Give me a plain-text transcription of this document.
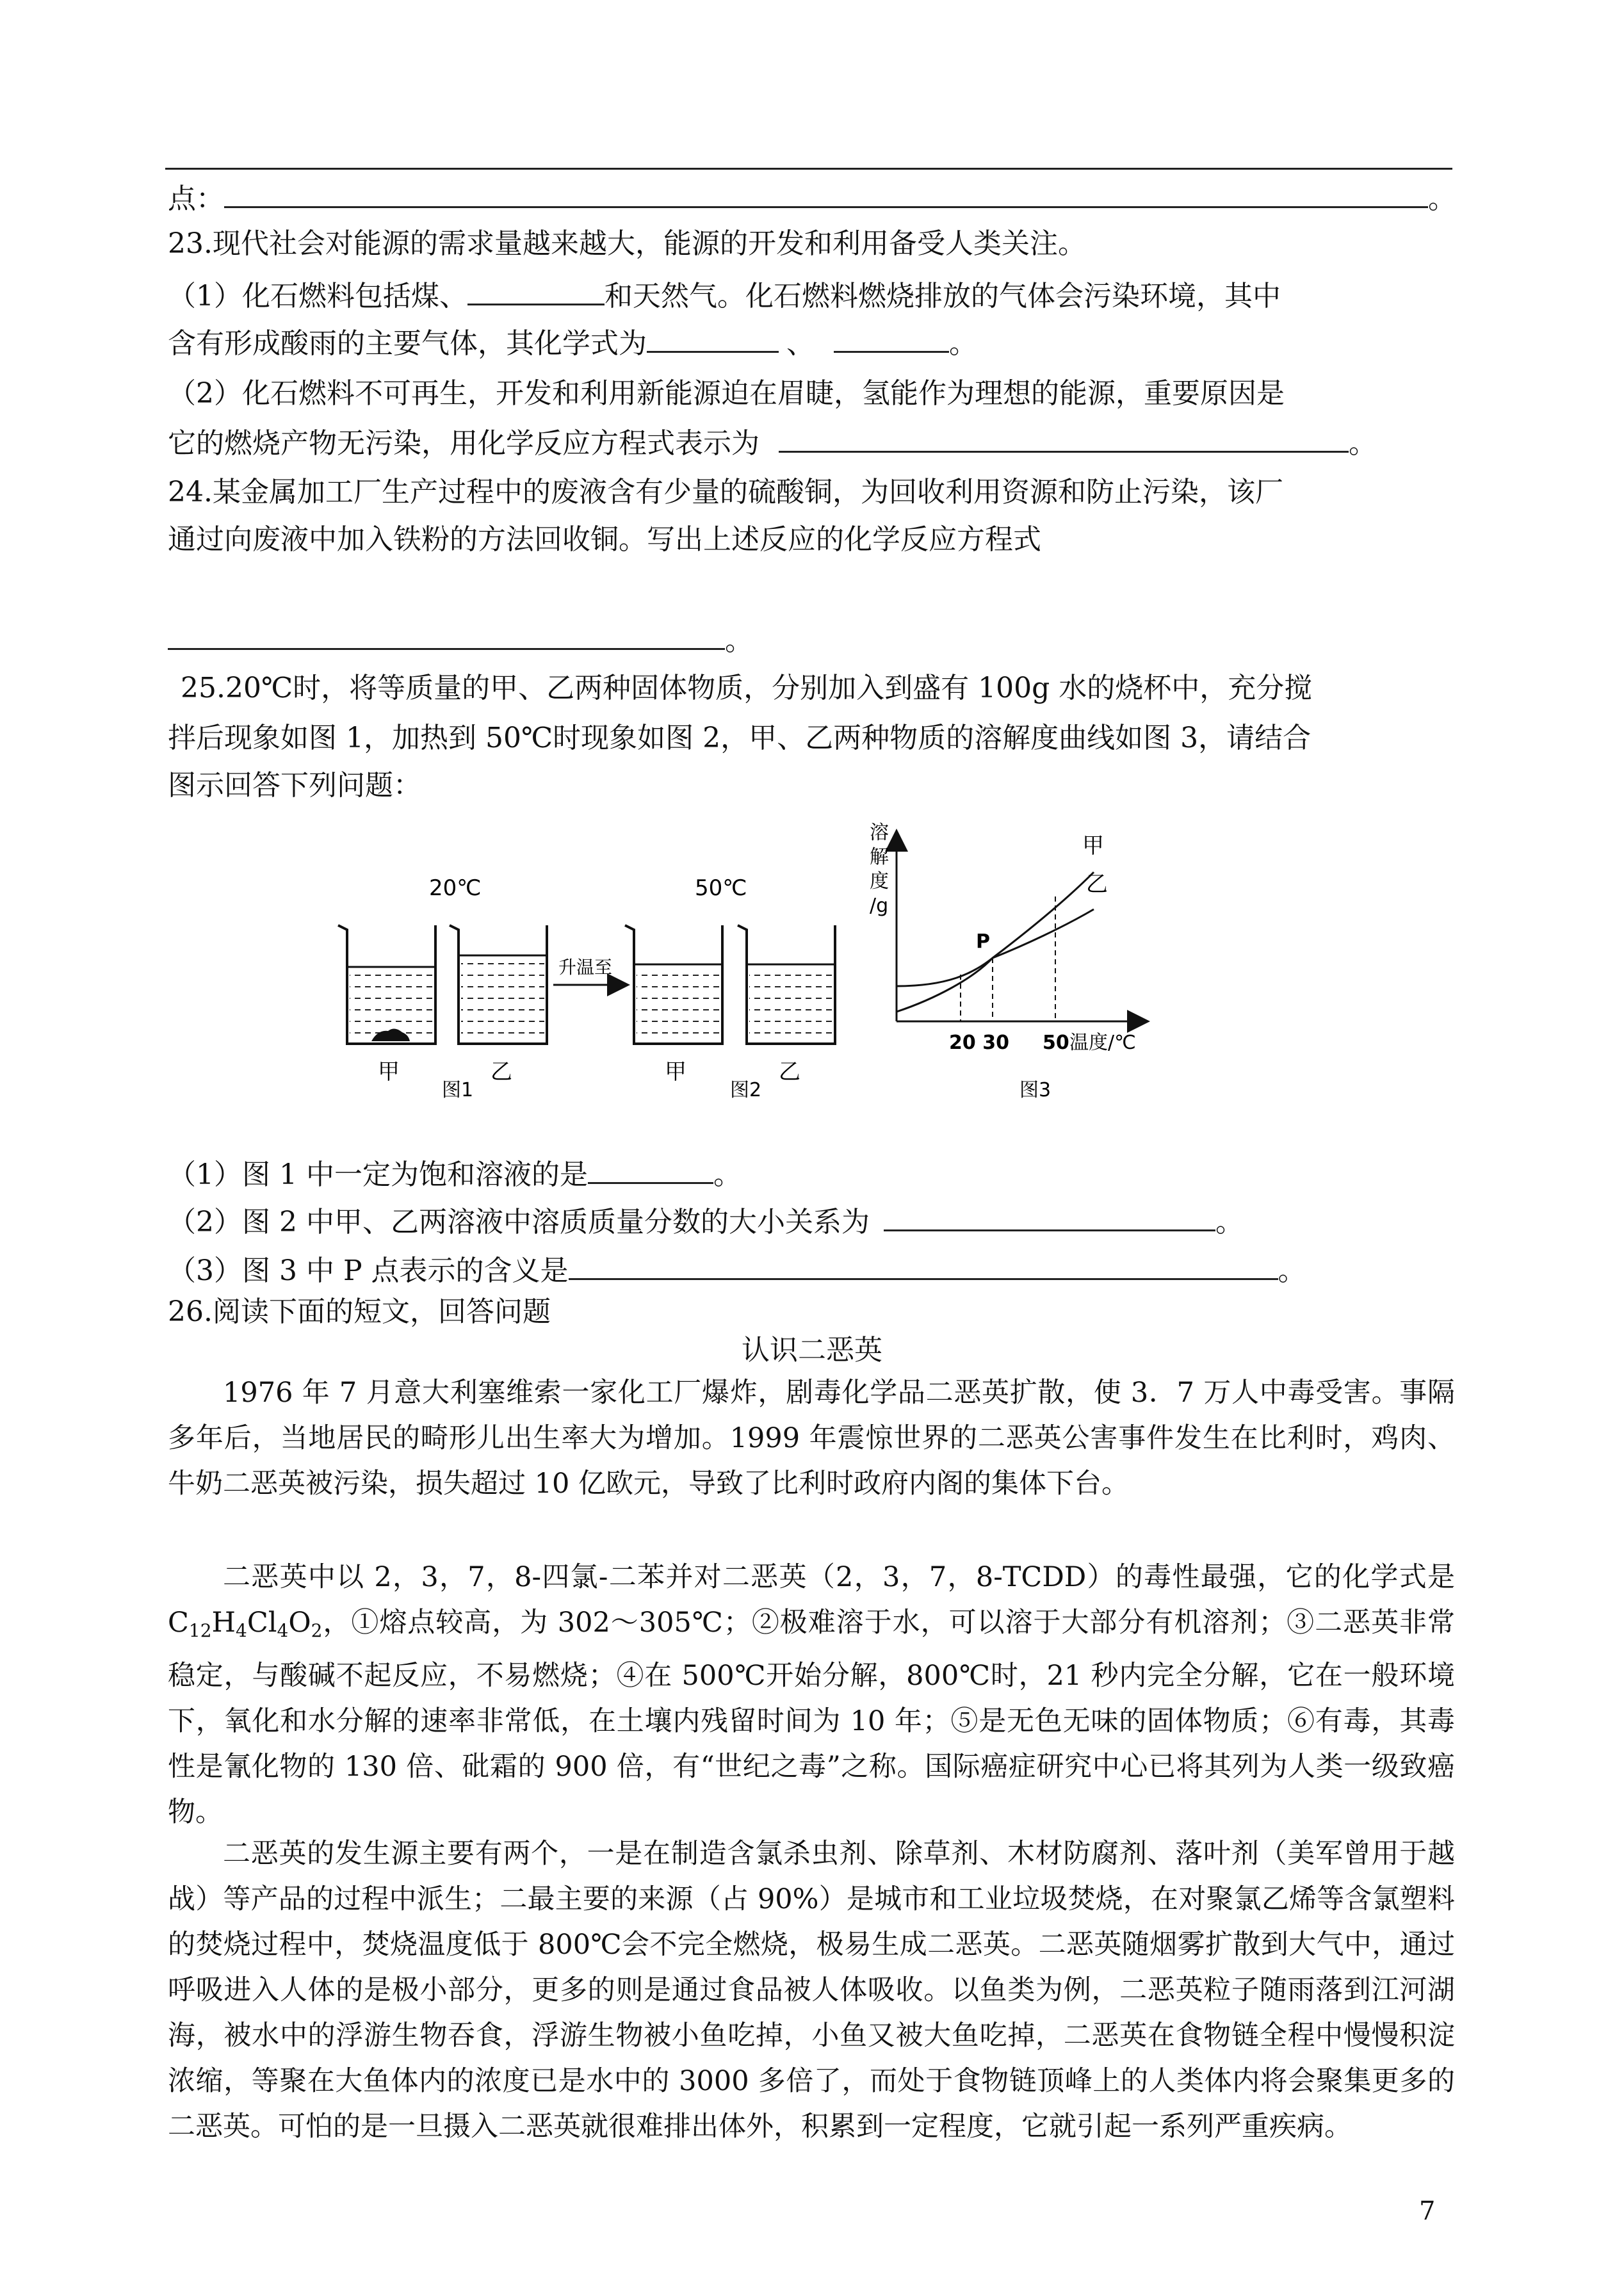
点：	。
23.现代社会对能源的需求量越来越大，能源的开发和利用备受人类关注。
（1）化石燃料包括煤、	和天然气。化石燃料燃烧排放的气体会污染环境，其中
含有形成酸雨的主要气体，其化学式为	、	。
（2）化石燃料不可再生，开发和利用新能源迫在眉睫，氢能作为理想的能源，重要原因是
它的燃烧产物无污染，用化学反应方程式表示为	。
24.某金属加工厂生产过程中的废液含有少量的硫酸铜，为回收利用资源和防止污染，该厂
通过向废液中加入铁粉的方法回收铜。写出上述反应的化学反应方程式
。
25.20℃时，将等质量的甲、乙两种固体物质，分别加入到盛有 100g 水的烧杯中，充分搅
拌后现象如图 1，加热到 50℃时现象如图 2，甲、乙两种物质的溶解度曲线如图 3，请结合
图示回答下列问题：
20℃	50℃
升温至
甲	乙	甲	乙
图1	图2	图3
溶
解
度
/g
P
甲
乙
20 30 50 温度/℃
（1）图 1 中一定为饱和溶液的是	。
（2）图 2 中甲、乙两溶液中溶质质量分数的大小关系为	。
（3）图 3 中 P 点表示的含义是	。
26.阅读下面的短文，回答问题
认识二恶英

1976 年 7 月意大利塞维索一家化工厂爆炸，剧毒化学品二恶英扩散，使 3．7 万人中毒受害。事隔多年后，当地居民的畸形儿出生率大为增加。1999 年震惊世界的二恶英公害事件发生在比利时，鸡肉、牛奶二恶英被污染，损失超过 10 亿欧元，导致了比利时政府内阁的集体下台。

二恶英中以 2，3，7，8-四氯-二苯并对二恶英（2，3，7，8-TCDD）的毒性最强，它的化学式是 $C_{12}H_4Cl_4O_2$，①熔点较高，为 302～305℃；②极难溶于水，可以溶于大部分有机溶剂；③二恶英非常稳定，与酸碱不起反应，不易燃烧；④在 500℃开始分解，800℃时，21 秒内完全分解，它在一般环境下，氧化和水分解的速率非常低，在土壤内残留时间为 10 年；⑤是无色无味的固体物质；⑥有毒，其毒性是氰化物的 130 倍、砒霜的 900 倍，有“世纪之毒”之称。国际癌症研究中心已将其列为人类一级致癌物。

二恶英的发生源主要有两个，一是在制造含氯杀虫剂、除草剂、木材防腐剂、落叶剂（美军曾用于越战）等产品的过程中派生；二最主要的来源（占 90%）是城市和工业垃圾焚烧，在对聚氯乙烯等含氯塑料的焚烧过程中，焚烧温度低于 800℃会不完全燃烧，极易生成二恶英。二恶英随烟雾扩散到大气中，通过呼吸进入人体的是极小部分，更多的则是通过食品被人体吸收。以鱼类为例，二恶英粒子随雨落到江河湖海，被水中的浮游生物吞食，浮游生物被小鱼吃掉，小鱼又被大鱼吃掉，二恶英在食物链全程中慢慢积淀浓缩，等聚在大鱼体内的浓度已是水中的 3000 多倍了，而处于食物链顶峰上的人类体内将会聚集更多的二恶英。可怕的是一旦摄入二恶英就很难排出体外，积累到一定程度，它就引起一系列严重疾病。

7
